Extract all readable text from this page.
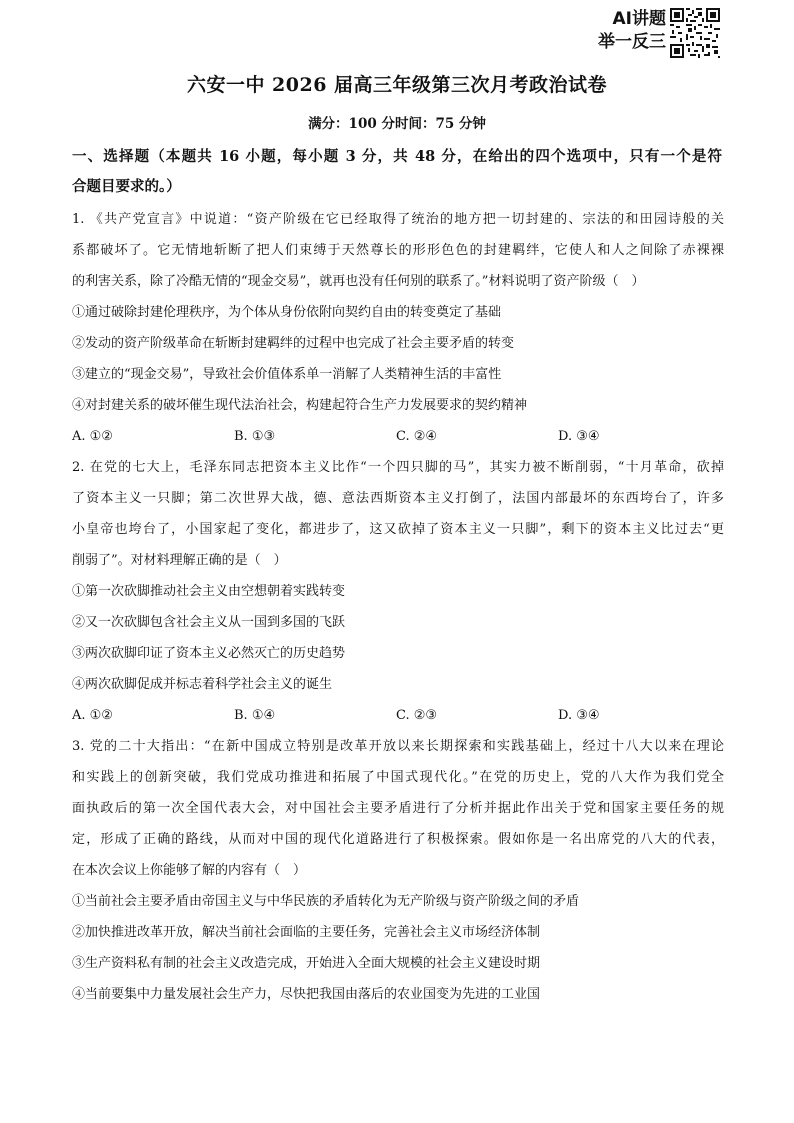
AI讲题
举一反三
六安一中 2026 届高三年级第三次月考政治试卷
满分：100 分时间：75 分钟
一、选择题（本题共 16 小题，每小题 3 分，共 48 分，在给出的四个选项中，只有一个是符
合题目要求的。）
1. 《共产党宣言》中说道：“资产阶级在它已经取得了统治的地方把一切封建的、宗法的和田园诗般的关
系都破坏了。它无情地斩断了把人们束缚于天然尊长的形形色色的封建羁绊，它使人和人之间除了赤裸裸
的利害关系，除了冷酷无情的“现金交易”，就再也没有任何别的联系了。”材料说明了资产阶级（　）
①通过破除封建伦理秩序，为个体从身份依附向契约自由的转变奠定了基础
②发动的资产阶级革命在斩断封建羁绊的过程中也完成了社会主要矛盾的转变
③建立的“现金交易”，导致社会价值体系单一消解了人类精神生活的丰富性
④对封建关系的破坏催生现代法治社会，构建起符合生产力发展要求的契约精神
A. ①②	B. ①③	C. ②④	D. ③④
2. 在党的七大上，毛泽东同志把资本主义比作“一个四只脚的马”，其实力被不断削弱，“十月革命，砍掉
了资本主义一只脚；第二次世界大战，德、意法西斯资本主义打倒了，法国内部最坏的东西垮台了，许多
小皇帝也垮台了，小国家起了变化，都进步了，这又砍掉了资本主义一只脚”，剩下的资本主义比过去“更
削弱了”。对材料理解正确的是（　）
①第一次砍脚推动社会主义由空想朝着实践转变
②又一次砍脚包含社会主义从一国到多国的飞跃
③两次砍脚印证了资本主义必然灭亡的历史趋势
④两次砍脚促成并标志着科学社会主义的诞生
A. ①②	B. ①④	C. ②③	D. ③④
3. 党的二十大指出：“在新中国成立特别是改革开放以来长期探索和实践基础上，经过十八大以来在理论
和实践上的创新突破，我们党成功推进和拓展了中国式现代化。”在党的历史上，党的八大作为我们党全
面执政后的第一次全国代表大会，对中国社会主要矛盾进行了分析并据此作出关于党和国家主要任务的规
定，形成了正确的路线，从而对中国的现代化道路进行了积极探索。假如你是一名出席党的八大的代表，
在本次会议上你能够了解的内容有（　）
①当前社会主要矛盾由帝国主义与中华民族的矛盾转化为无产阶级与资产阶级之间的矛盾
②加快推进改革开放，解决当前社会面临的主要任务，完善社会主义市场经济体制
③生产资料私有制的社会主义改造完成，开始进入全面大规模的社会主义建设时期
④当前要集中力量发展社会生产力，尽快把我国由落后的农业国变为先进的工业国
